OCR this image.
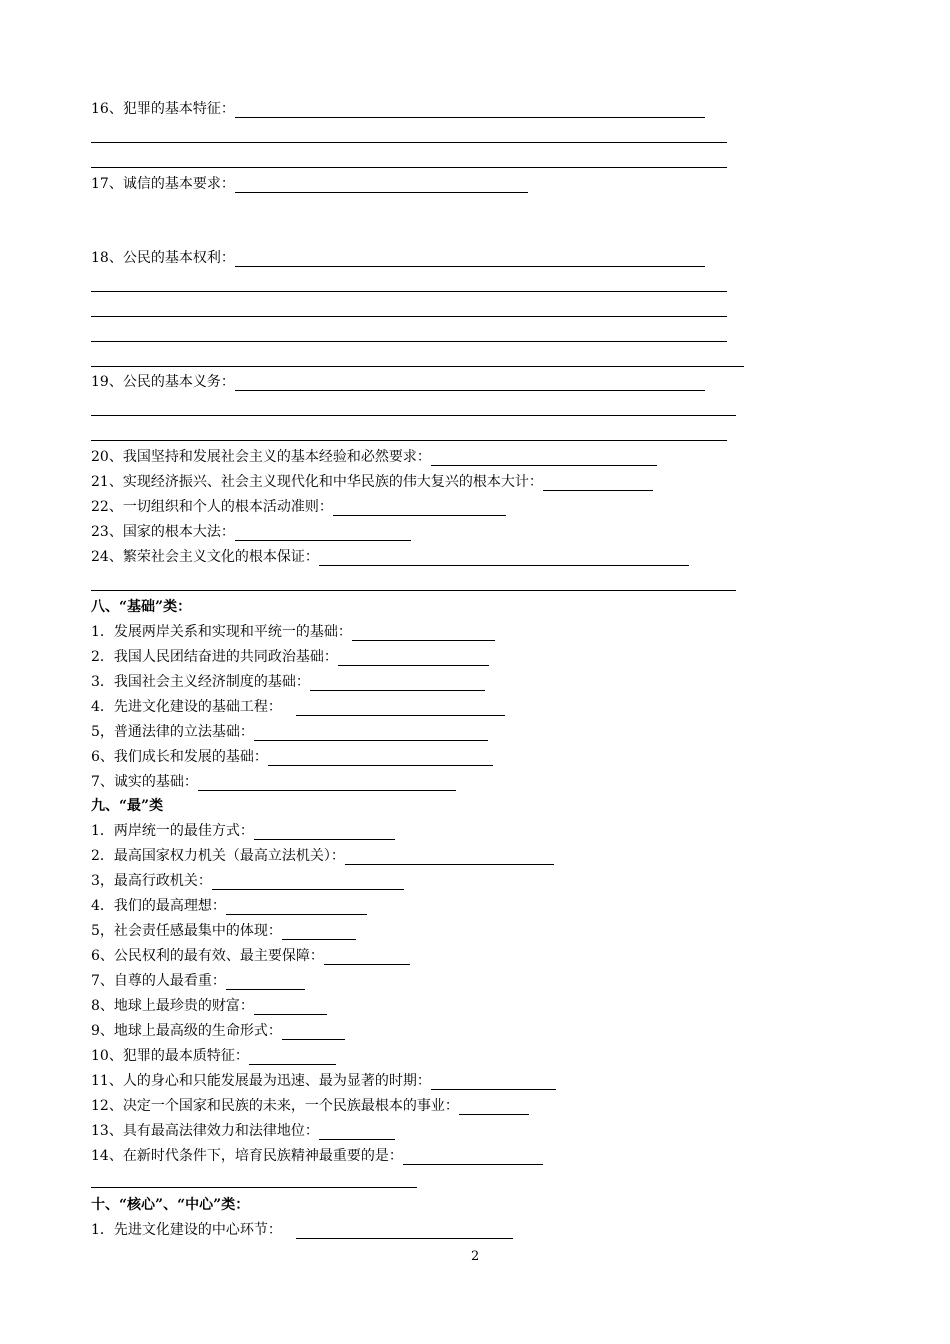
16、犯罪的基本特征：
17、诚信的基本要求：
18、公民的基本权利：
19、公民的基本义务：
20、我国坚持和发展社会主义的基本经验和必然要求：
21、实现经济振兴、社会主义现代化和中华民族的伟大复兴的根本大计：
22、一切组织和个人的根本活动准则：
23、国家的根本大法：
24、繁荣社会主义文化的根本保证：
八、“基础”类：
1．发展两岸关系和实现和平统一的基础：
2．我国人民团结奋进的共同政治基础：
3．我国社会主义经济制度的基础：
4．先进文化建设的基础工程：
5，普通法律的立法基础：
6、我们成长和发展的基础：
7、诚实的基础：
九、“最”类
1．两岸统一的最佳方式：
2．最高国家权力机关（最高立法机关）：
3，最高行政机关：
4．我们的最高理想：
5，社会责任感最集中的体现：
6、公民权利的最有效、最主要保障：
7、自尊的人最看重：
8、地球上最珍贵的财富：
9、地球上最高级的生命形式：
10、犯罪的最本质特征：
11、人的身心和只能发展最为迅速、最为显著的时期：
12、决定一个国家和民族的未来，一个民族最根本的事业：
13、具有最高法律效力和法律地位：
14、在新时代条件下，培育民族精神最重要的是：
十、“核心”、“中心”类：
1．先进文化建设的中心环节：
2
